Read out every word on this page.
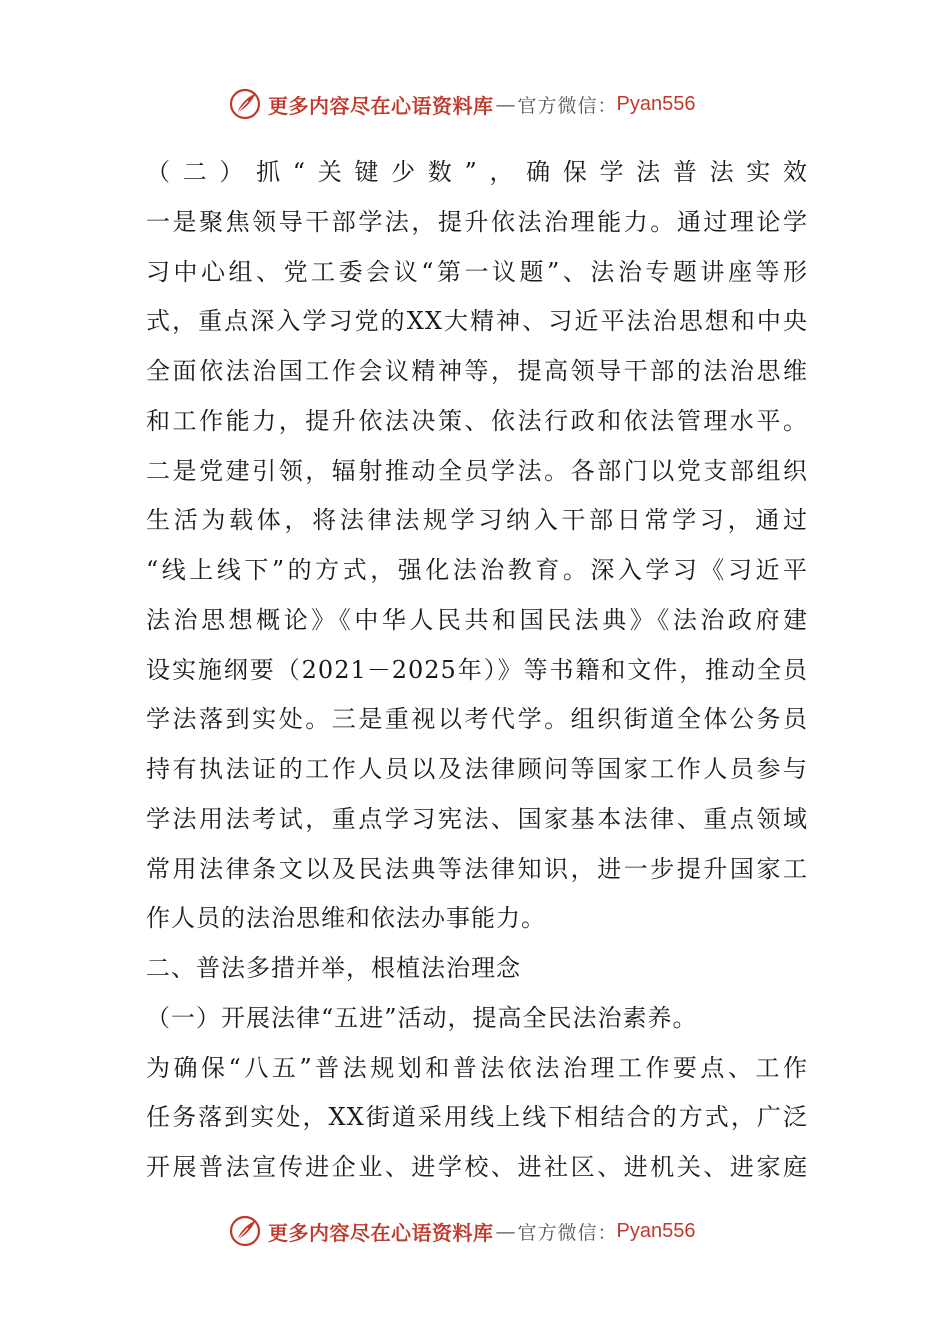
更多内容尽在心语资料库 — 官方微信 ： Pyan556
（二）抓“关键少数”，确保学法普法实效
一是聚焦领导干部学法，提升依法治理能力。通过理论学
习中心组、党工委会议“第一议题”、法治专题讲座等形
式，重点深入学习党的XX大精神、习近平法治思想和中央
全面依法治国工作会议精神等，提高领导干部的法治思维
和工作能力，提升依法决策、依法行政和依法管理水平。
二是党建引领，辐射推动全员学法。各部门以党支部组织
生活为载体，将法律法规学习纳入干部日常学习，通过
“线上线下”的方式，强化法治教育。深入学习《习近平
法治思想概论》《中华人民共和国民法典》《法治政府建
设实施纲要（2021－2025年）》等书籍和文件，推动全员
学法落到实处。三是重视以考代学。组织街道全体公务员
持有执法证的工作人员以及法律顾问等国家工作人员参与
学法用法考试，重点学习宪法、国家基本法律、重点领域
常用法律条文以及民法典等法律知识，进一步提升国家工
作人员的法治思维和依法办事能力。
二、普法多措并举，根植法治理念
（一）开展法律“五进”活动，提高全民法治素养。
为确保“八五”普法规划和普法依法治理工作要点、工作
任务落到实处，XX街道采用线上线下相结合的方式，广泛
开展普法宣传进企业、进学校、进社区、进机关、进家庭
更多内容尽在心语资料库 — 官方微信 ： Pyan556
